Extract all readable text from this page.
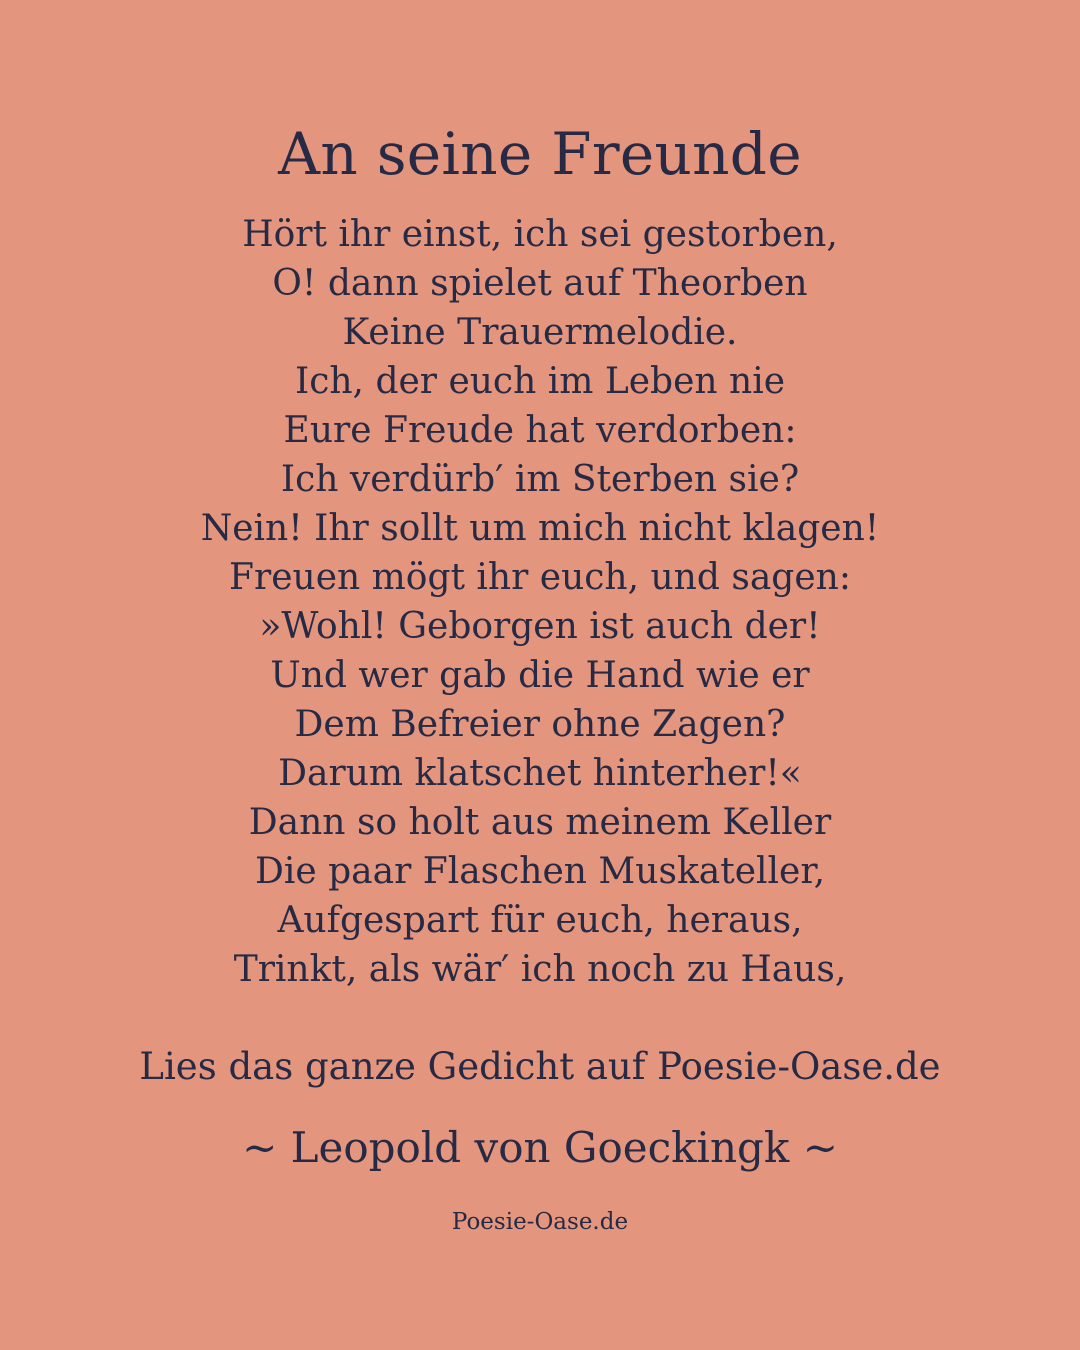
An seine Freunde
Hört ihr einst, ich sei gestorben,
O! dann spielet auf Theorben
Keine Trauermelodie.
Ich, der euch im Leben nie
Eure Freude hat verdorben:
Ich verdürb′ im Sterben sie?
Nein! Ihr sollt um mich nicht klagen!
Freuen mögt ihr euch, und sagen:
»Wohl! Geborgen ist auch der!
Und wer gab die Hand wie er
Dem Befreier ohne Zagen?
Darum klatschet hinterher!«
Dann so holt aus meinem Keller
Die paar Flaschen Muskateller,
Aufgespart für euch, heraus,
Trinkt, als wär′ ich noch zu Haus,
Lies das ganze Gedicht auf Poesie-Oase.de
~ Leopold von Goeckingk ~
Poesie-Oase.de
